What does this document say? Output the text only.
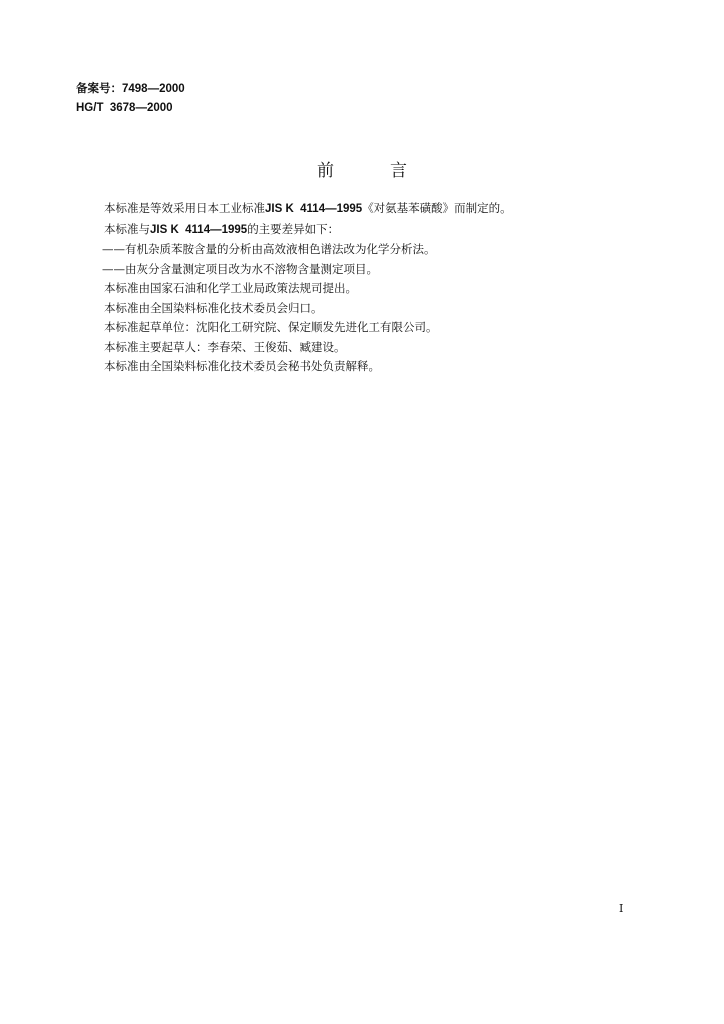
备案号：7498—2000
HG/T  3678—2000
前	言
本标准是等效采用日本工业标准JIS K  4114—1995《对氨基苯磺酸》而制定的。
本标准与JIS K  4114—1995的主要差异如下：
——有机杂质苯胺含量的分析由高效液相色谱法改为化学分析法。
——由灰分含量测定项目改为水不溶物含量测定项目。
本标准由国家石油和化学工业局政策法规司提出。
本标准由全国染料标准化技术委员会归口。
本标准起草单位：沈阳化工研究院、保定顺发先进化工有限公司。
本标准主要起草人：李春荣、王俊茹、臧建设。
本标准由全国染料标准化技术委员会秘书处负责解释。
I
